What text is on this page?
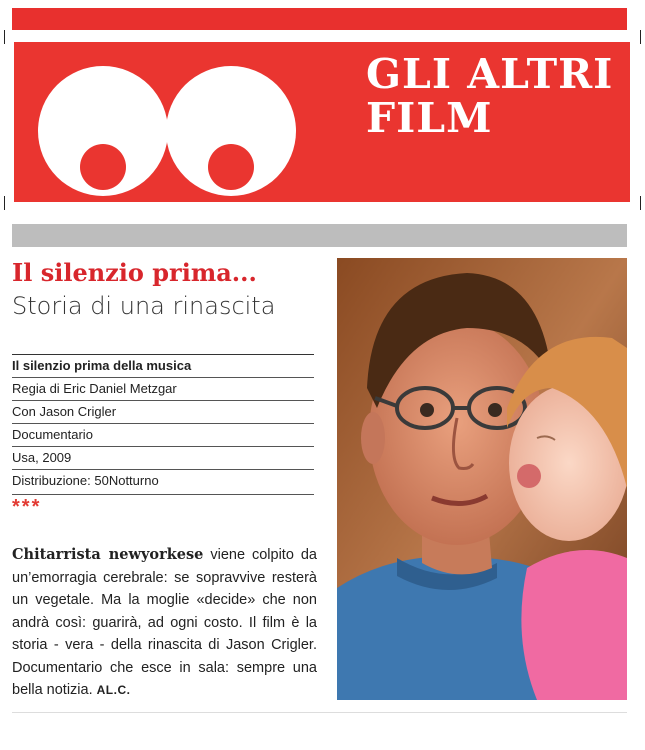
GLI ALTRI FILM
Il silenzio prima...
Storia di una rinascita
Il silenzio prima della musica
Regia di Eric Daniel Metzgar
Con Jason Crigler
Documentario
Usa, 2009
Distribuzione: 50Notturno
***

Chitarrista newyorkese viene colpito da un’emorragia cerebrale: se sopravvive resterà un vegetale. Ma la moglie «decide» che non andrà così: guarirà, ad ogni costo. Il film è la storia - vera - della rinascita di Jason Crigler. Documentario che esce in sala: sempre una bella notizia. AL.C.
